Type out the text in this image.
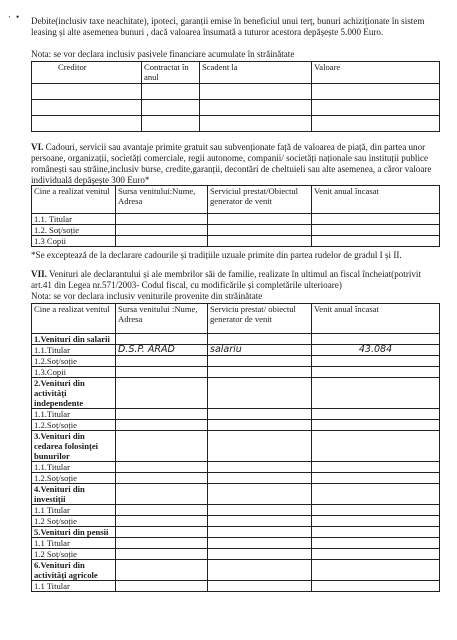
‧ • Debite(inclusiv taxe neachitate), ipoteci, garanții emise în beneficiul unui terț, bunuri achiziționate în sistem leasing și alte asemenea bunuri , dacă valoarea însumată a tuturor acestora depășește 5.000 Euro.

Nota: se vor declara inclusiv pasivele financiare acumulate în străinătate

Creditor	Contractat în anul	Scadent la	Valoare

VI. Cadouri, servicii sau avantaje primite gratuit sau subvenționate față de valoarea de piață, din partea unor persoane, organizații, societăți comerciale, regii autonome, companii/ societăți naționale sau instituții publice românești sau străine,inclusiv burse, credite,garanții, decontări de cheltuieli sau alte asemenea, a căror valoare individuală depășește 300 Euro*

Cine a realizat venitul	Sursa venitului:Nume, Adresa	Serviciul prestat/Obiectul generator de venit	Venit anual încasat
1.1. Titular			
1.2. Soț/soție			
1.3 Copii			

*Se exceptează de la declarare cadourile și tradițiile uzuale primite din partea rudelor de gradul I și II.

VII. Venituri ale declarantului și ale membrilor săi de familie, realizate în ultimul an fiscal încheiat(potrivit art.41 din Legea nr.571/2003- Codul fiscal, cu modificările și completările ulterioare)

Nota: se vor declara inclusiv veniturile provenite din străinătate

Cine a realizat venitul	Sursa venitului :Nume, Adresa	Serviciu prestat/ obiectul generator de venit	Venit anual încasat
1.Venituri din salarii			
1.1.Titular	D.S.P. ARAD	salariu	43.084
1.2.Soț/soție			
1.3.Copii			
2.Venituri din activități independente			
1.1.Titular			
1.2.Soț/soție			
3.Venituri din cedarea folosinței bunurilor			
1.1.Titular			
1.2.Soț/soție			
4.Venituri din investiții			
1.1 Titular			
1.2 Soț/soție			
5.Venituri din pensii			
1.1 Titular			
1.2 Soț/soție			
6.Venituri din activități agricole			
1.1 Titular			
